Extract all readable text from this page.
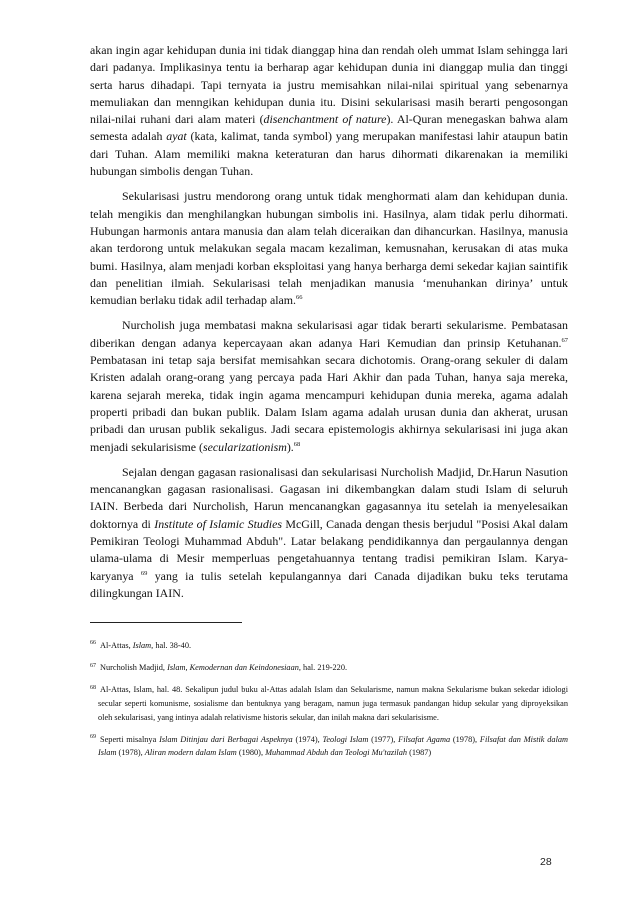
akan ingin agar kehidupan dunia ini tidak dianggap hina dan rendah oleh ummat Islam sehingga lari dari padanya. Implikasinya tentu ia berharap agar kehidupan dunia ini dianggap mulia dan tinggi serta harus dihadapi. Tapi ternyata ia justru memisahkan nilai-nilai spiritual yang sebenarnya memuliakan dan menngikan kehidupan dunia itu. Disini sekularisasi masih berarti pengosongan nilai-nilai ruhani dari alam materi (disenchantment of nature). Al-Quran menegaskan bahwa alam semesta adalah ayat (kata, kalimat, tanda symbol) yang merupakan manifestasi lahir ataupun batin dari Tuhan. Alam memiliki makna keteraturan dan harus dihormati dikarenakan ia memiliki hubungan simbolis dengan Tuhan.

Sekularisasi justru mendorong orang untuk tidak menghormati alam dan kehidupan dunia. telah mengikis dan menghilangkan hubungan simbolis ini. Hasilnya, alam tidak perlu dihormati. Hubungan harmonis antara manusia dan alam telah diceraikan dan dihancurkan. Hasilnya, manusia akan terdorong untuk melakukan segala macam kezaliman, kemusnahan, kerusakan di atas muka bumi. Hasilnya, alam menjadi korban eksploitasi yang hanya berharga demi sekedar kajian saintifik dan penelitian ilmiah. Sekularisasi telah menjadikan manusia ‘menuhankan dirinya’ untuk kemudian berlaku tidak adil terhadap alam.$^{66}$

Nurcholish juga membatasi makna sekularisasi agar tidak berarti sekularisme. Pembatasan diberikan dengan adanya kepercayaan akan adanya Hari Kemudian dan prinsip Ketuhanan.$^{67}$ Pembatasan ini tetap saja bersifat memisahkan secara dichotomis. Orang-orang sekuler di dalam Kristen adalah orang-orang yang percaya pada Hari Akhir dan pada Tuhan, hanya saja mereka, karena sejarah mereka, tidak ingin agama mencampuri kehidupan dunia mereka, agama adalah properti pribadi dan bukan publik. Dalam Islam agama adalah urusan dunia dan akherat, urusan pribadi dan urusan publik sekaligus. Jadi secara epistemologis akhirnya sekularisasi ini juga akan menjadi sekularisisme (secularizationism).$^{68}$

Sejalan dengan gagasan rasionalisasi dan sekularisasi Nurcholish Madjid, Dr.Harun Nasution mencanangkan gagasan rasionalisasi. Gagasan ini dikembangkan dalam studi Islam di seluruh IAIN. Berbeda dari Nurcholish, Harun mencanangkan gagasannya itu setelah ia menyelesaikan doktornya di Institute of Islamic Studies McGill, Canada dengan thesis berjudul "Posisi Akal dalam Pemikiran Teologi Muhammad Abduh". Latar belakang pendidikannya dan pergaulannya dengan ulama-ulama di Mesir memperluas pengetahuannya tentang tradisi pemikiran Islam. Karya-karyanya $^{69}$ yang ia tulis setelah kepulangannya dari Canada dijadikan buku teks terutama dilingkungan IAIN.

$^{66}$ Al-Attas, Islam, hal. 38-40.
$^{67}$ Nurcholish Madjid, Islam, Kemodernan dan Keindonesiaan, hal. 219-220.
$^{68}$ Al-Attas, Islam, hal. 48. Sekalipun judul buku al-Attas adalah Islam dan Sekularisme, namun makna Sekularisme bukan sekedar idiologi secular seperti komunisme, sosialisme dan bentuknya yang beragam, namun juga termasuk pandangan hidup sekular yang diproyeksikan oleh sekularisasi, yang intinya adalah relativisme historis sekular, dan inilah makna dari sekularisisme.
$^{69}$ Seperti misalnya Islam Ditinjau dari Berbagai Aspeknya (1974), Teologi Islam (1977), Filsafat Agama (1978), Filsafat dan Mistik dalam Islam (1978), Aliran modern dalam Islam (1980), Muhammad Abduh dan Teologi Mu'tazilah (1987)
28
